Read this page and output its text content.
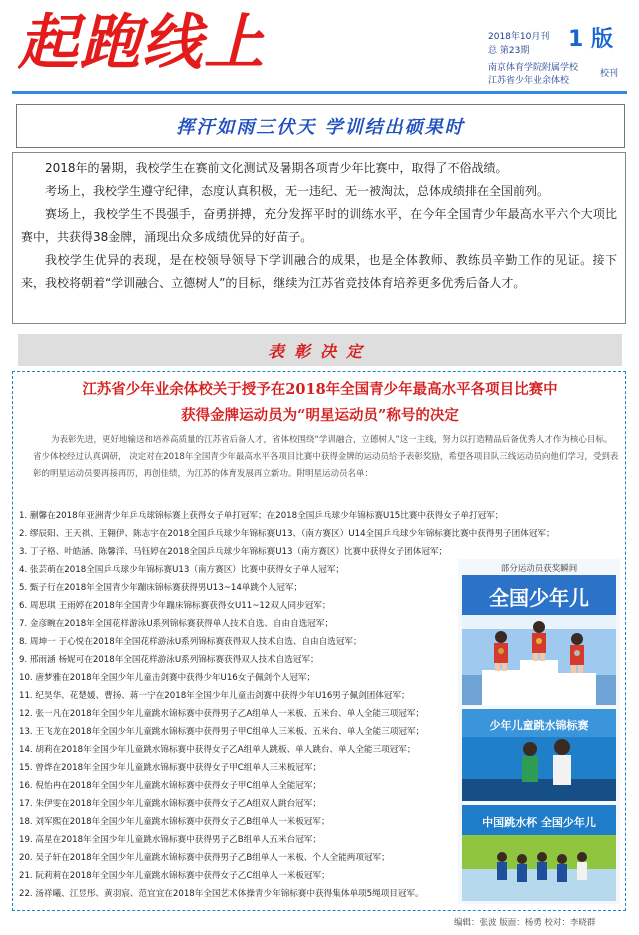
起跑线上	2018年10月刊
总 第23期	1 版
南京体育学院附属学校
江苏省少年业余体校
校刊
挥汗如雨三伏天 学训结出硕果时

2018年的暑期，我校学生在赛前文化测试及暑期各项青少年比赛中，取得了不俗战绩。

考场上，我校学生遵守纪律，态度认真积极，无一违纪、无一被淘汰，总体成绩排在全国前列。

赛场上，我校学生不畏强手，奋勇拼搏，充分发挥平时的训练水平，在今年全国青少年最高水平六个大项比赛中，共获得38金牌，涌现出众多成绩优异的好苗子。

我校学生优异的表现，是在校领导领导下学训融合的成果，也是全体教师、教练员辛勤工作的见证。接下来，我校将朝着“学训融合、立德树人”的目标，继续为江苏省竞技体育培养更多优秀后备人才。

表彰决定
江苏省少年业余体校关于授予在2018年全国青少年最高水平各项目比赛中
获得金牌运动员为“明星运动员”称号的决定

为表彰先进，更好地输送和培养高质量的江苏省后备人才，省体校围绕“学训融合，立德树人”这一主线，努力以打造精品后备优秀人才作为核心目标。省少体校经过认真调研， 决定对在2018年全国青少年最高水平各项目比赛中获得金牌的运动员给予表彰奖励，希望各项目队三线运动员向他们学习，受到表彰的明星运动员要再接再厉，再创佳绩，为江苏的体育发展再立新功。附明星运动员名单：

1. 蒯馨在2018年亚洲青少年乒乓球锦标赛上获得女子单打冠军；在2018全国乒乓球少年锦标赛U15比赛中获得女子单打冠军；
2. 缪辰阳、王天祺、王翱伊、陈志宇在2018全国乒乓球少年锦标赛U13、（南方赛区）U14全国乒乓球少年锦标赛比赛中获得男子团体冠军；
3. 丁子格、叶皓涵、陈馨洋、马钰婷在2018全国乒乓球少年锦标赛U13（南方赛区）比赛中获得女子团体冠军；
4. 张芸萌在2018全国乒乓球少年锦标赛U13（南方赛区）比赛中获得女子单人冠军；
5. 甄子行在2018年全国青少年蹦床锦标赛获得男U13~14单跳个人冠军；
6. 周思琪 王雨婷在2018年全国青少年蹦床锦标赛获得女U11~12双人同步冠军；
7. 金彦畹在2018年全国花样游泳U系列锦标赛获得单人技术自选、自由自选冠军；
8. 周坤一 于心悦在2018年全国花样游泳U系列锦标赛获得双人技术自选、自由自选冠军；
9. 邢雨涵 杨妮可在2018年全国花样游泳U系列锦标赛获得双人技术自选冠军；
10. 唐梦雅在2018年全国少年儿童击剑赛中获得少年U16女子佩剑个人冠军；
11. 纪昊华、花楚媛、曹扬、蒋一宁在2018年全国少年儿童击剑赛中获得少年U16男子佩剑团体冠军；
12. 张一凡在2018年全国少年儿童跳水锦标赛中获得男子乙A组单人一米板、五米台、单人全能三项冠军；
13. 王飞龙在2018年全国少年儿童跳水锦标赛中获得男子甲C组单人三米板、五米台、单人全能三项冠军；
14. 胡莉在2018年全国少年儿童跳水锦标赛中获得女子乙A组单人跳板、单人跳台、单人全能三项冠军；
15. 曾烨在2018年全国少年儿童跳水锦标赛中获得女子甲C组单人三米板冠军；
16. 倪怡冉在2018年全国少年儿童跳水锦标赛中获得女子甲C组单人全能冠军；
17. 朱伊雯在2018年全国少年儿童跳水锦标赛中获得女子乙A组双人跳台冠军；
18. 刘军熙在2018年全国少年儿童跳水锦标赛中获得女子乙B组单人一米板冠军；
19. 高星在2018年全国少年儿童跳水锦标赛中获得男子乙B组单人五米台冠军；
20. 吴子轩在2018年全国少年儿童跳水锦标赛中获得男子乙B组单人一米板、个人全能两项冠军；
21. 阮莉莉在2018年全国少年儿童跳水锦标赛中获得女子乙C组单人一米板冠军；
22. 汤祥曦、江昱彤、黄羽宸、范宜宜在2018年全国艺术体操青少年锦标赛中获得集体单项5绳项目冠军。
部分运动员获奖瞬间
全国少年儿
少年儿童跳水锦标赛
中国跳水杯 全国少年儿
编辑：张波 版面：杨勇 校对：李晓群
